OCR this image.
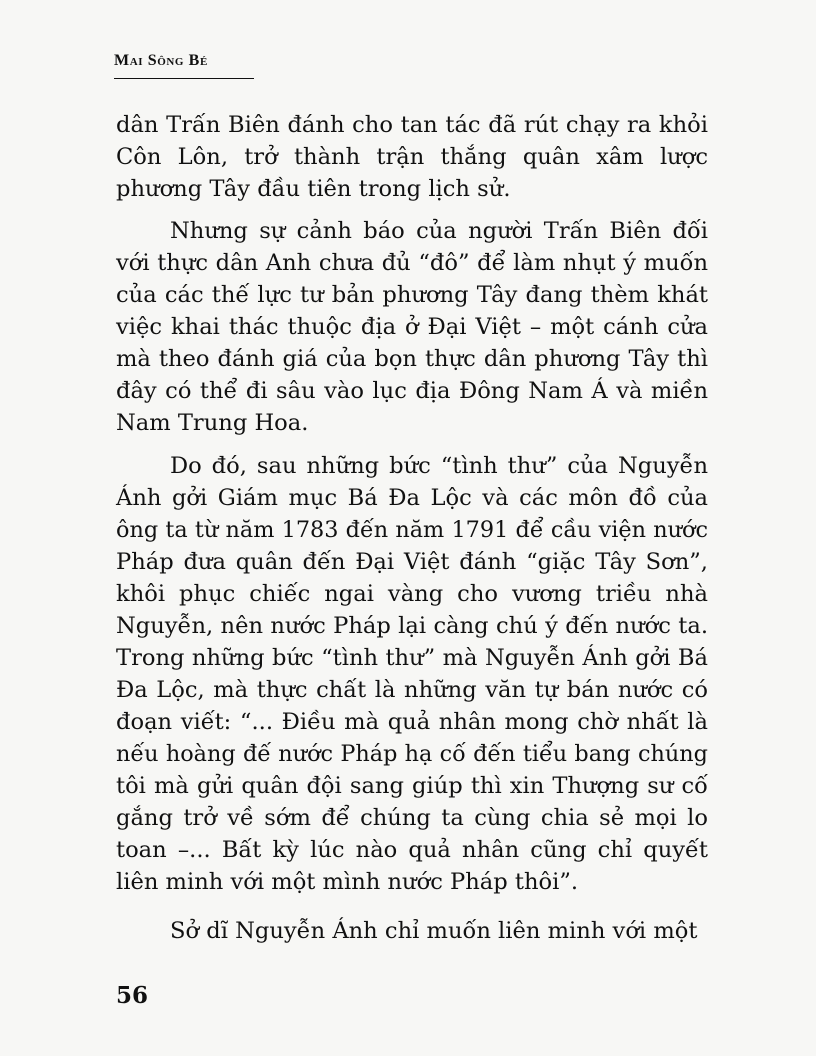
Mai Sông Bé
dân Trấn Biên đánh cho tan tác đã rút chạy ra khỏi
Côn Lôn, trở thành trận thắng quân xâm lược
phương Tây đầu tiên trong lịch sử.
Nhưng sự cảnh báo của người Trấn Biên đối
với thực dân Anh chưa đủ “đô” để làm nhụt ý muốn
của các thế lực tư bản phương Tây đang thèm khát
việc khai thác thuộc địa ở Đại Việt – một cánh cửa
mà theo đánh giá của bọn thực dân phương Tây thì
đây có thể đi sâu vào lục địa Đông Nam Á và miền
Nam Trung Hoa.
Do đó, sau những bức “tình thư” của Nguyễn
Ánh gởi Giám mục Bá Đa Lộc và các môn đồ của
ông ta từ năm 1783 đến năm 1791 để cầu viện nước
Pháp đưa quân đến Đại Việt đánh “giặc Tây Sơn”,
khôi phục chiếc ngai vàng cho vương triều nhà
Nguyễn, nên nước Pháp lại càng chú ý đến nước ta.
Trong những bức “tình thư” mà Nguyễn Ánh gởi Bá
Đa Lộc, mà thực chất là những văn tự bán nước có
đoạn viết: “... Điều mà quả nhân mong chờ nhất là
nếu hoàng đế nước Pháp hạ cố đến tiểu bang chúng
tôi mà gửi quân đội sang giúp thì xin Thượng sư cố
gắng trở về sớm để chúng ta cùng chia sẻ mọi lo
toan –... Bất kỳ lúc nào quả nhân cũng chỉ quyết
liên minh với một mình nước Pháp thôi”.
Sở dĩ Nguyễn Ánh chỉ muốn liên minh với một
56
